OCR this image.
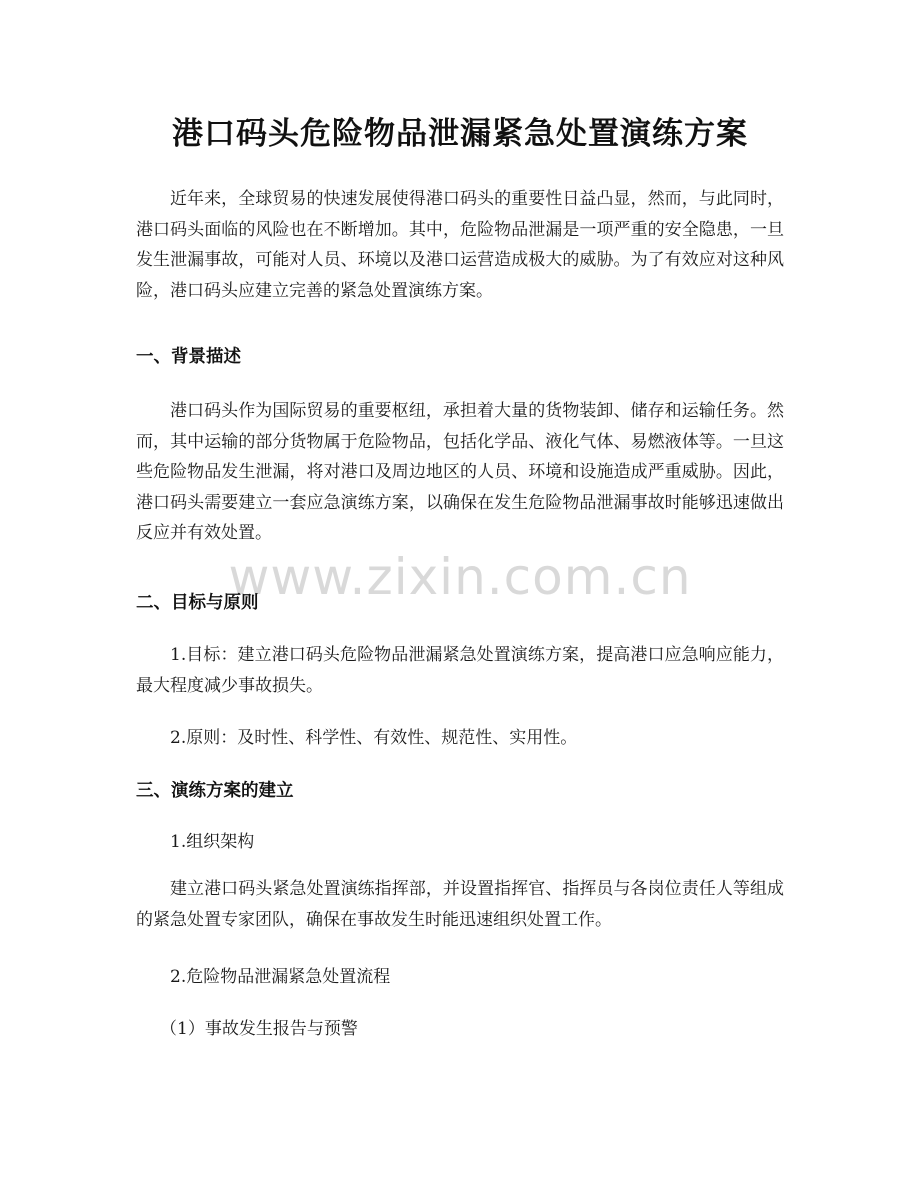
港口码头危险物品泄漏紧急处置演练方案

近年来，全球贸易的快速发展使得港口码头的重要性日益凸显，然而，与此同时，港口码头面临的风险也在不断增加。其中，危险物品泄漏是一项严重的安全隐患，一旦发生泄漏事故，可能对人员、环境以及港口运营造成极大的威胁。为了有效应对这种风险，港口码头应建立完善的紧急处置演练方案。

一、背景描述

港口码头作为国际贸易的重要枢纽，承担着大量的货物装卸、储存和运输任务。然而，其中运输的部分货物属于危险物品，包括化学品、液化气体、易燃液体等。一旦这些危险物品发生泄漏，将对港口及周边地区的人员、环境和设施造成严重威胁。因此，港口码头需要建立一套应急演练方案，以确保在发生危险物品泄漏事故时能够迅速做出反应并有效处置。

www.zixin.com.cn
二、目标与原则

1.目标：建立港口码头危险物品泄漏紧急处置演练方案，提高港口应急响应能力，最大程度减少事故损失。

2.原则：及时性、科学性、有效性、规范性、实用性。

三、演练方案的建立

1.组织架构

建立港口码头紧急处置演练指挥部，并设置指挥官、指挥员与各岗位责任人等组成的紧急处置专家团队，确保在事故发生时能迅速组织处置工作。

2.危险物品泄漏紧急处置流程

（1）事故发生报告与预警
